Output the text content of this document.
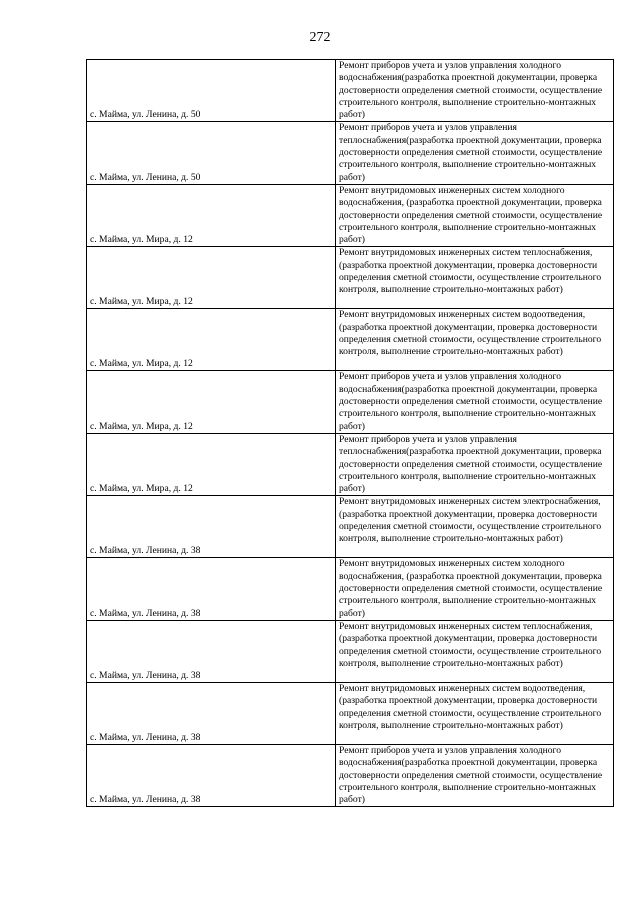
272
с. Майма, ул. Ленина, д. 50	Ремонт приборов учета и узлов управления холодного водоснабжения(разработка проектной документации, проверка достоверности определения сметной стоимости, осуществление строительного контроля, выполнение строительно-монтажных работ)
с. Майма, ул. Ленина, д. 50	Ремонт приборов учета и узлов управления теплоснабжения(разработка проектной документации, проверка достоверности определения сметной стоимости, осуществление строительного контроля, выполнение строительно-монтажных работ)
с. Майма, ул. Мира, д. 12	Ремонт внутридомовых инженерных систем холодного водоснабжения, (разработка проектной документации, проверка достоверности определения сметной стоимости, осуществление строительного контроля, выполнение строительно-монтажных работ)
с. Майма, ул. Мира, д. 12	Ремонт внутридомовых инженерных систем теплоснабжения, (разработка проектной документации, проверка достоверности определения сметной стоимости, осуществление строительного контроля, выполнение строительно-монтажных работ)
с. Майма, ул. Мира, д. 12	Ремонт внутридомовых инженерных систем водоотведения, (разработка проектной документации, проверка достоверности определения сметной стоимости, осуществление строительного контроля, выполнение строительно-монтажных работ)
с. Майма, ул. Мира, д. 12	Ремонт приборов учета и узлов управления холодного водоснабжения(разработка проектной документации, проверка достоверности определения сметной стоимости, осуществление строительного контроля, выполнение строительно-монтажных работ)
с. Майма, ул. Мира, д. 12	Ремонт приборов учета и узлов управления теплоснабжения(разработка проектной документации, проверка достоверности определения сметной стоимости, осуществление строительного контроля, выполнение строительно-монтажных работ)
с. Майма, ул. Ленина, д. 38	Ремонт внутридомовых инженерных систем электроснабжения, (разработка проектной документации, проверка достоверности определения сметной стоимости, осуществление строительного контроля, выполнение строительно-монтажных работ)
с. Майма, ул. Ленина, д. 38	Ремонт внутридомовых инженерных систем холодного водоснабжения, (разработка проектной документации, проверка достоверности определения сметной стоимости, осуществление строительного контроля, выполнение строительно-монтажных работ)
с. Майма, ул. Ленина, д. 38	Ремонт внутридомовых инженерных систем теплоснабжения, (разработка проектной документации, проверка достоверности определения сметной стоимости, осуществление строительного контроля, выполнение строительно-монтажных работ)
с. Майма, ул. Ленина, д. 38	Ремонт внутридомовых инженерных систем водоотведения, (разработка проектной документации, проверка достоверности определения сметной стоимости, осуществление строительного контроля, выполнение строительно-монтажных работ)
с. Майма, ул. Ленина, д. 38	Ремонт приборов учета и узлов управления холодного водоснабжения(разработка проектной документации, проверка достоверности определения сметной стоимости, осуществление строительного контроля, выполнение строительно-монтажных работ)
